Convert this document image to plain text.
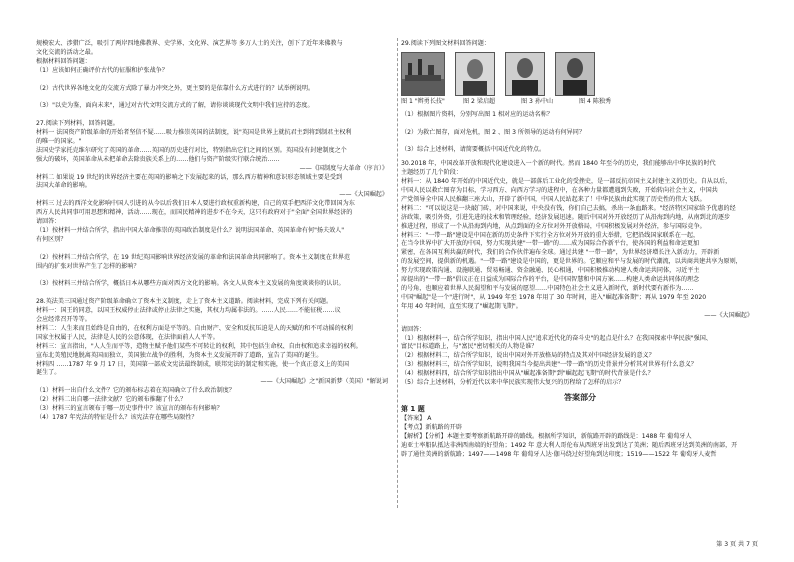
规模宏大、涉猎广泛，吸引了两岸四地佛教界、史学界、文化界、演艺界等 多万人士的关注，创下了近年来佛教与

文化交流的活动之最。

根据材料回答问题：

（1）应该如何正确评价古代的征服和护张战争？

（2）古代世界各地文化的交流方式除了暴力冲突之外，更主要的是依靠什么方式进行的？试举例说明。

（3）"以史为鉴，面向未来"，通过对古代文明交流方式的了解，请你谈谈现代文明中我们应持的态度。

27.阅读下列材料，回答问题。

材料一 法国资产阶级革命的开始者坚信不疑……吸力推崇英国的法制度，说"英国是世界上就抗君主到将到制君主权利

的唯一的国家。"

法国史学家托克维尔研究了英国的革命……英国的历史进行对比，特别指出它们之间的区别。英国没有封建制度之个

强大的破坏，英国革命从未把革命去除贵族关系上的……他们与资产阶级实行联合统治……

——《国制度与大革命（序言）》

材料二 如果说 19 世纪的世界经济主要在英国的影响之下发展起来的话，那么西方精神和意识形态领域主要是受到

法国大革命的影响。

——《大国崛起》

材料三 过去的西洋文化影响中国人引进的从今以后我们日本人要进行政权重新构建，自己的双手把西洋文化带回国为东

西方人民共同事可用思想和精神，活动……现在，而国民精神的进步不在今天，这只有政府对于"全面"全国世界经济的

请回答：

（1）按材料一并结合所学，指出中国大革命推崇的英国政治制度是什么？说明法国革命、英国革命有何"扬夫效人"

有何区别？

（2）按材料二并结合所学，在 19 世纪英国影响世界经济发展的革命和法国革命共同影响了。资本主义制度在世界范

围内的扩张对世界产生了怎样的影响？

（3）按材料三并结合所学，概括日本从哪些方面对西方文化的影响。各文人从资本主义发展的角度谈谈你的认识。

28.英法美三国通过资产阶级革命确立了资本主义制度，走上了资本主义道路。阅读材料，完成下列有关问题。

材料一：国王的同意，以国王权威停止法律或停止法律之实施，其权力均属非法的。……人民……不能征税……议

会应经常召开等等。

材料二：人生来而且始终是自由的，在权利方面是平等的。自由财产、安全和反抗压迫是人的天赋的和不可动摇的权利

国家主权属于人民，法律是人民的公意体现，在法律面前人人平等。

材料三：宣言指出，"人人生而平等，造物主赋予他们某些不可转让的权利，其中包括生命权、自由权和追求幸福的权利。

宣布北美殖民地脱离英国而独立，美国独立战争的胜利，为资本主义发展开辟了道路，宣告了美国的诞生。

材料四 ……1787 年 9 月 17 日，美国第一部成文宪法最终制成，联邦宪法的制定和实施，使一个真正意义上的美国

诞生了。

——《大国崛起》之"新国新梦（美国）"解说词

（1）材料一出自什么文件？它的颁布标志着在英国确立了什么政治制度？

（2）材料二出自哪一法律文献？它的颁布推翻了什么？

（3）材料三的宣言颁布于哪一历史事件中？该宣言的颁布有何影响？

（4）1787 年宪法的特征是什么？该宪法存在哪些局限性？

29.阅读下列图文材料回答问题：

图 1 "辫勇长技"	图 2 梁启超	图 3 孙中山	图 4 陈独秀

（1）根据图片资料，分别写出图 1 相对应的运动名称？

（2）为救亡图存，面对危机，图 2 、图 3 所领导的运动有何异同？

（3）综合上述材料，请简要概括中国近代化的特点。

30.2018 年，中国改革开放和现代化建设进入一个新的时代。然而 1840 年至今的历史，我们能够出中华民族的时代

主题经历了几个阶段：

材料一：从 1840 年开始的中国近代史，就是一部落后工业化的受挫史，是一部反抗帝国主义封建主义的历史。自从以后，

中国人民以救亡图存为目标，学习西方、向西方学习的进程中，在各种力量都遭遇到失败，开始转向社会主义，中国共

产党领导全中国人民推翻三座大山，开辟了新中国，中国人民站起来了！中华民族由此实现了历史性的伟大飞跃。

材料二："可以说这是一块敲门砖，对中国来说，中央没有钱，你们自己去搞，杀出一条血路来。"经济特区国家给予优惠的经

济政策，吸引外资，引进先进的技术和管理经验，经济发展迅速。随后中国对外开放经历了从沿海到内地，从南到北的逐步

推进过程，形成了一个从沿海到内地，从点到面的全方位对外开放格局，中国积极发展对外经济，参与国际竞争。

材料三："一带一路"建设是中国在新的历史条件下实行全方位对外开放的重大举措，它把沿线国家联系在一起，

在当今世界中扩大开放的中国，努力实现共建"一带一路"的……成为国际合作新平台，使各国的利益和命运更加

紧密，在各国互利共赢的时代，我们的合作伙伴遍布全球。通过共建 "一带一路"，为世界经济增长注入新动力，开辟新

的发展空间，提供新的机遇。"一带一路"建设是中国的，更是世界的。它顺应和平与发展的时代潮流，以共商共建共享为原则，

努力实现政策沟通、设施联通、贸易畅通、资金融通、民心相通，中国积极推动构建人类命运共同体，习近平主

席提出的"一带一路"倡议正在日益成为国际合作的平台，是中国智慧和中国方案……构建人类命运共同体的理念

的号角，也顺应着世界人民渴望和平与发展的愿望……中国特色社会主义进入新时代，新时代要有新作为……

中国"崛起"是一个"进行时"，从 1949 年至 1978 年用了 30 年时间，进入"崛起准备期"；再从 1979 年至 2020

年用 40 年时间，直至实现了"崛起期飞期"。

——《大国崛起》

请回答：

（1）根据材料一，结合所学知识，指出中国人民"追求近代化的奋斗史"的起点是什么？在我国探索中华民族"强国、

富民"目标道路上，与"富民"密切相关的人物是谁？

（2）根据材料二，结合所学知识，说出中国对外开放格局的特点及其对中国经济发展的意义？

（3）根据材料三，结合所学知识，说明我国当今提出共建"一带一路"的历史背景并分析其对世界有什么意义？

（4）根据材料四，结合所学知识指出中国从"崛起准备期"到"崛起起飞期"的时代背景是什么？

（5）综合上述材料，分析近代以来中华民族实现伟大复兴的历程给了怎样的启示？

答案部分
第 1 题

【答案】 A

【考点】新航路的开辟

【解析】【分析】本题主要考察新航路开辟的路线。根据所学知识，新航路开辟的路线是：1488 年 葡萄牙人

迪亚士率船队抵达非洲西南端的好望角；1492 年 意大利人哥伦布从西班牙出发到达了美洲；随后西班牙达到美洲的南部，开

辟了通往美洲的新航路；1497——1498 年 葡萄牙人达·伽马绕过好望角到达印度；1519——1522 年 葡萄牙人麦哲

第 3 页 共 7 页
